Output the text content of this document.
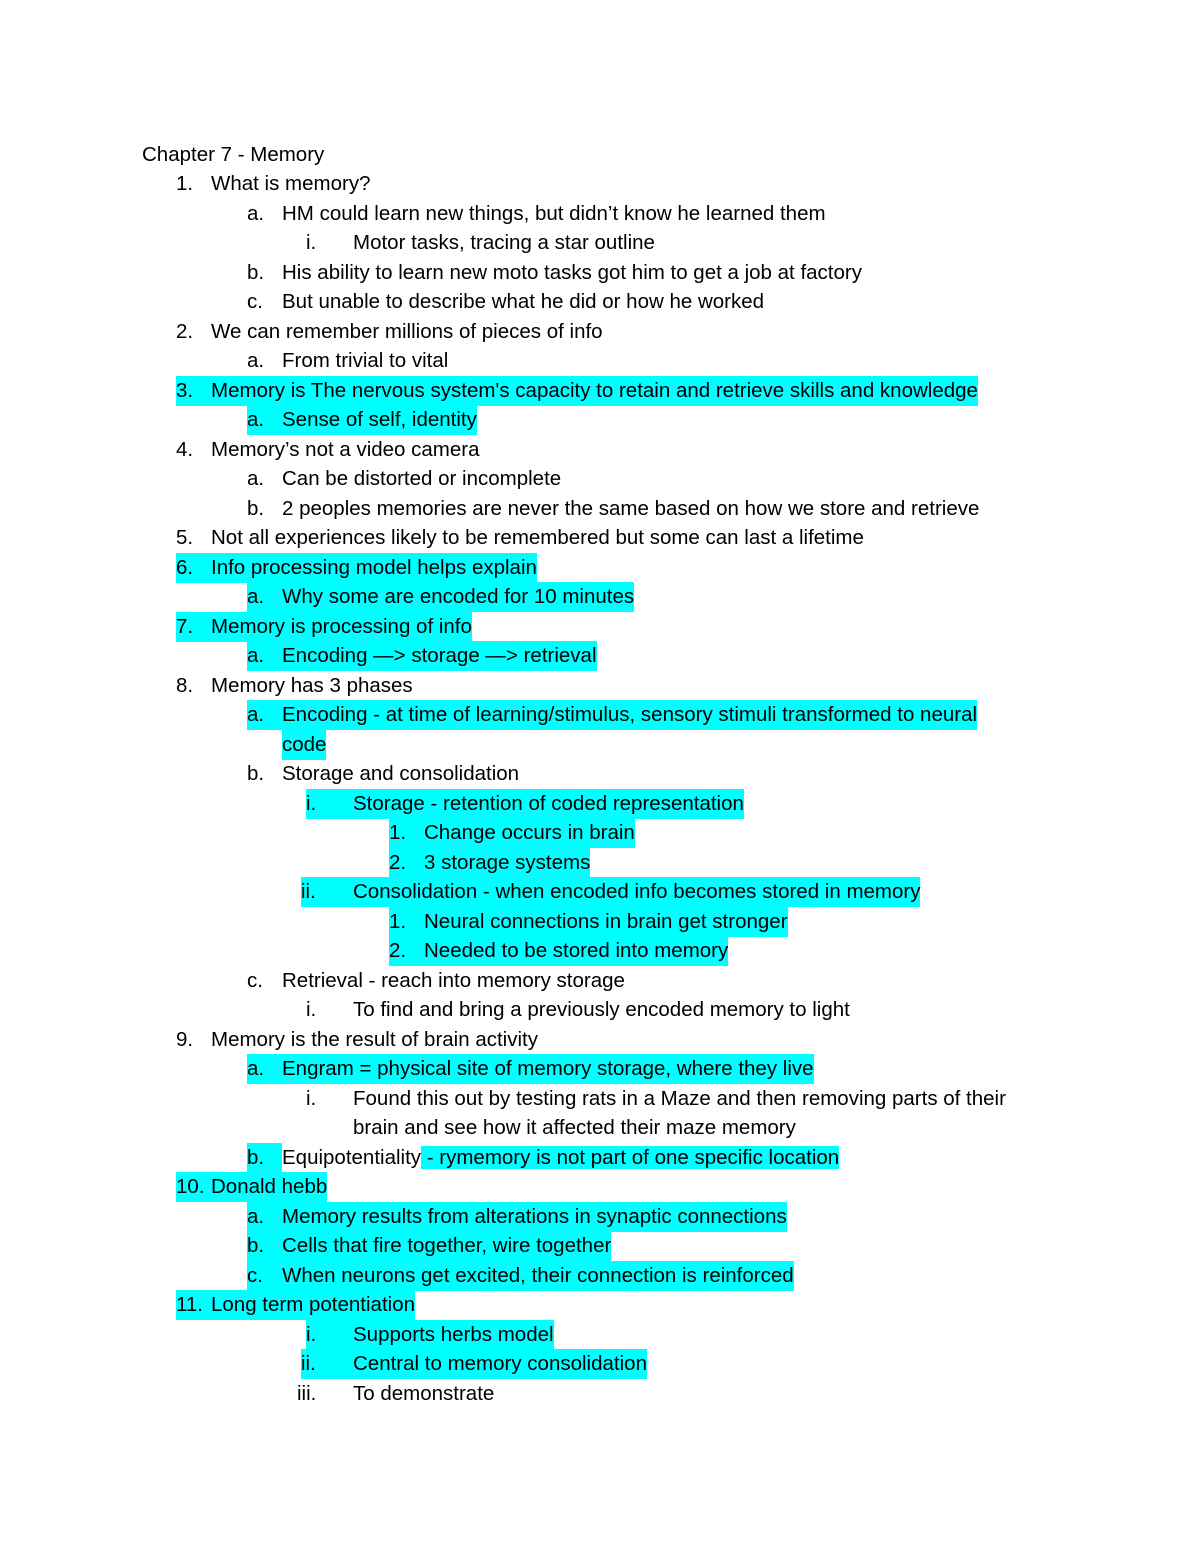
Chapter 7 - Memory
1. What is memory?
a. HM could learn new things, but didn’t know he learned them
i.	Motor tasks, tracing a star outline
b. His ability to learn new moto tasks got him to get a job at factory
c. But unable to describe what he did or how he worked
2. We can remember millions of pieces of info
a. From trivial to vital
3. Memory is The nervous system's capacity to retain and retrieve skills and knowledge
a. Sense of self, identity
4. Memory’s not a video camera
a. Can be distorted or incomplete
b. 2 peoples memories are never the same based on how we store and retrieve
5. Not all experiences likely to be remembered but some can last a lifetime
6. Info processing model helps explain
a. Why some are encoded for 10 minutes
7. Memory is processing of info
a. Encoding —> storage —> retrieval
8. Memory has 3 phases
a. Encoding - at time of learning/stimulus, sensory stimuli transformed to neural
code
b. Storage and consolidation
i.	Storage - retention of coded representation
1. Change occurs in brain
2. 3 storage systems
ii.	Consolidation - when encoded info becomes stored in memory
1. Neural connections in brain get stronger
2. Needed to be stored into memory
c. Retrieval - reach into memory storage
i.	To find and bring a previously encoded memory to light
9. Memory is the result of brain activity
a. Engram = physical site of memory storage, where they live
i.	Found this out by testing rats in a Maze and then removing parts of their
brain and see how it affected their maze memory
b. Equipotentiality - rymemory is not part of one specific location
10. Donald hebb
a. Memory results from alterations in synaptic connections
b. Cells that fire together, wire together
c. When neurons get excited, their connection is reinforced
11. Long term potentiation
i.	Supports herbs model
ii.	Central to memory consolidation
iii.	To demonstrate
